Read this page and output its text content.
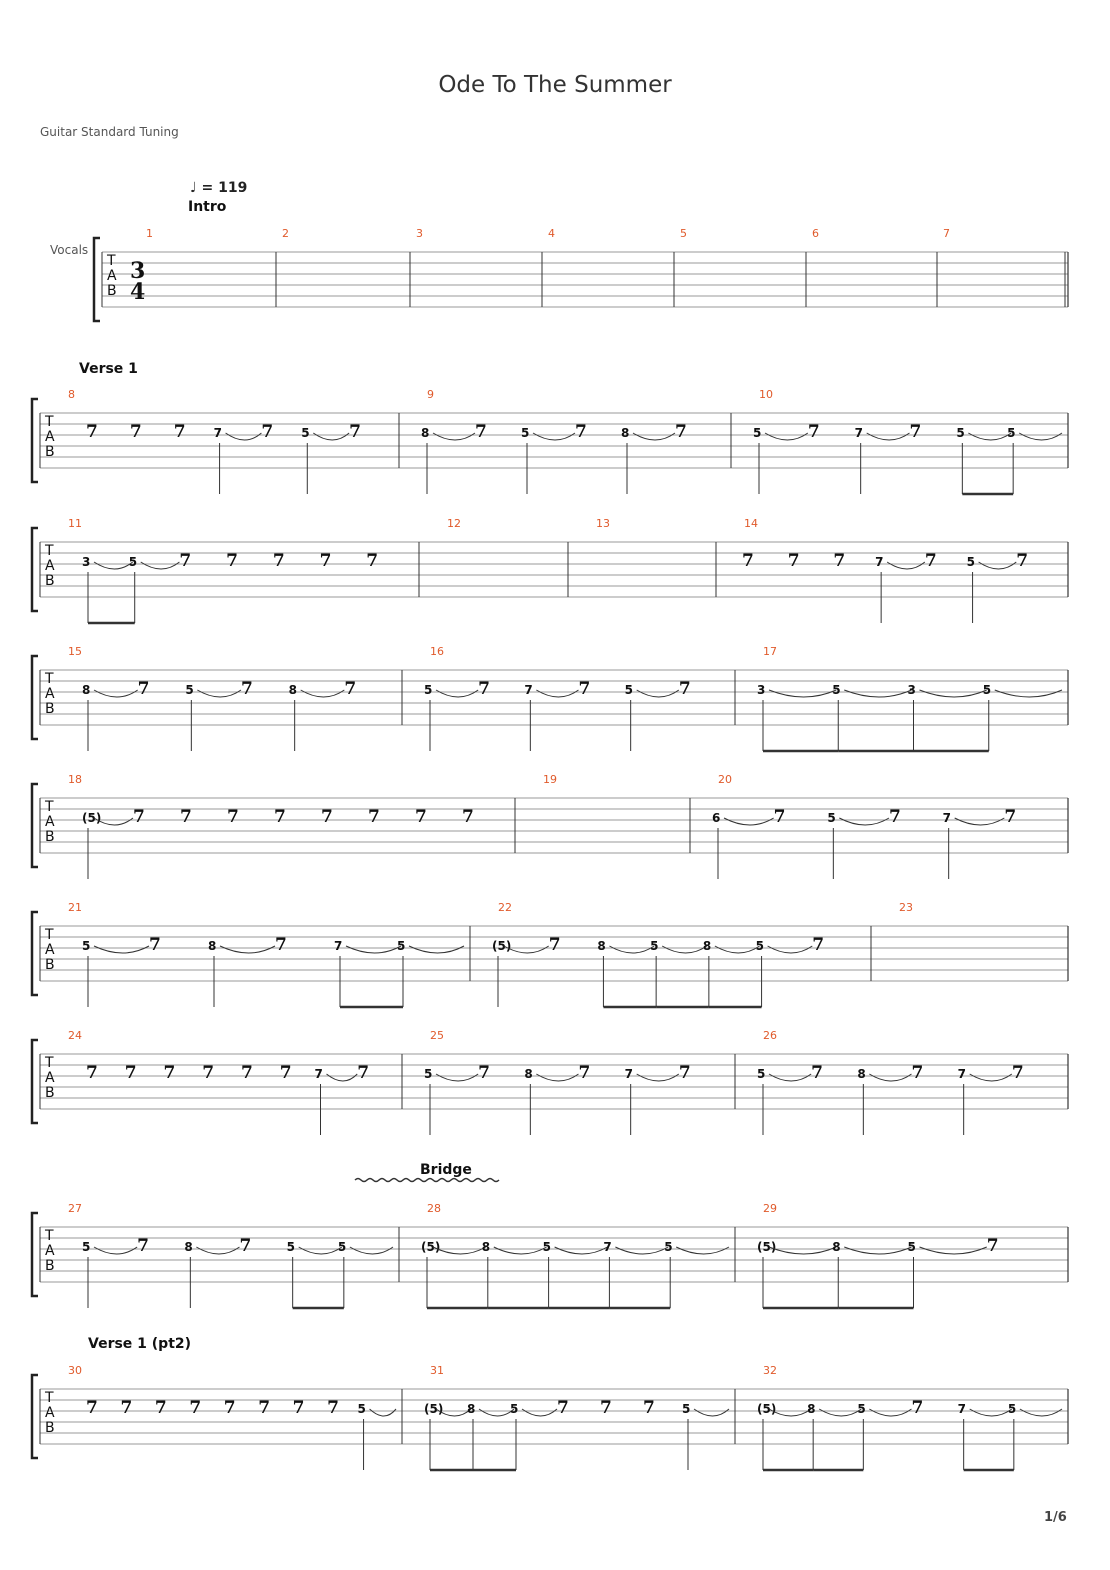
Ode To The Summer
Guitar Standard Tuning
♩ = 119
1/6
T
A
B
1	2	3	4	5	6	7
T
A
B
8
7 7 7 7 7 5 7
9
8	7	5	7	8	7
10
5	7	7	7	5	5
T
A
B
11
3	5 7 7 7 7 7
12	13	14
7 7 7 7 7 5 7
T
A
B
15
8	7	5	7	8	7
16
5	7	7	7	5	7
17
3	5	3	5
T
A
B
18
(5) 7 7 7 7 7 7 7 7
19	20
6	7	5	7	7	7
T
A
B
21
5	7	8	7	7	5
22
(5) 7	8	5	8	5	7
23
T
A
B
24
7 7 7 7 7 7 7 7
25
5	7	8	7	7	7
26
5	7	8	7	7	7
T
A
B
27
5	7	8	7	5	5
28
(5)	8	5	7	5
29
(5)	8	5	7
T
A
B
30
7 7 7 7 7 7 7 7 5
31
(5) 8	5 7 7 7 5
32
(5)	8	5	7	7	5
3
4
Vocals
Intro
Verse 1
Bridge
Verse 1 (pt2)
